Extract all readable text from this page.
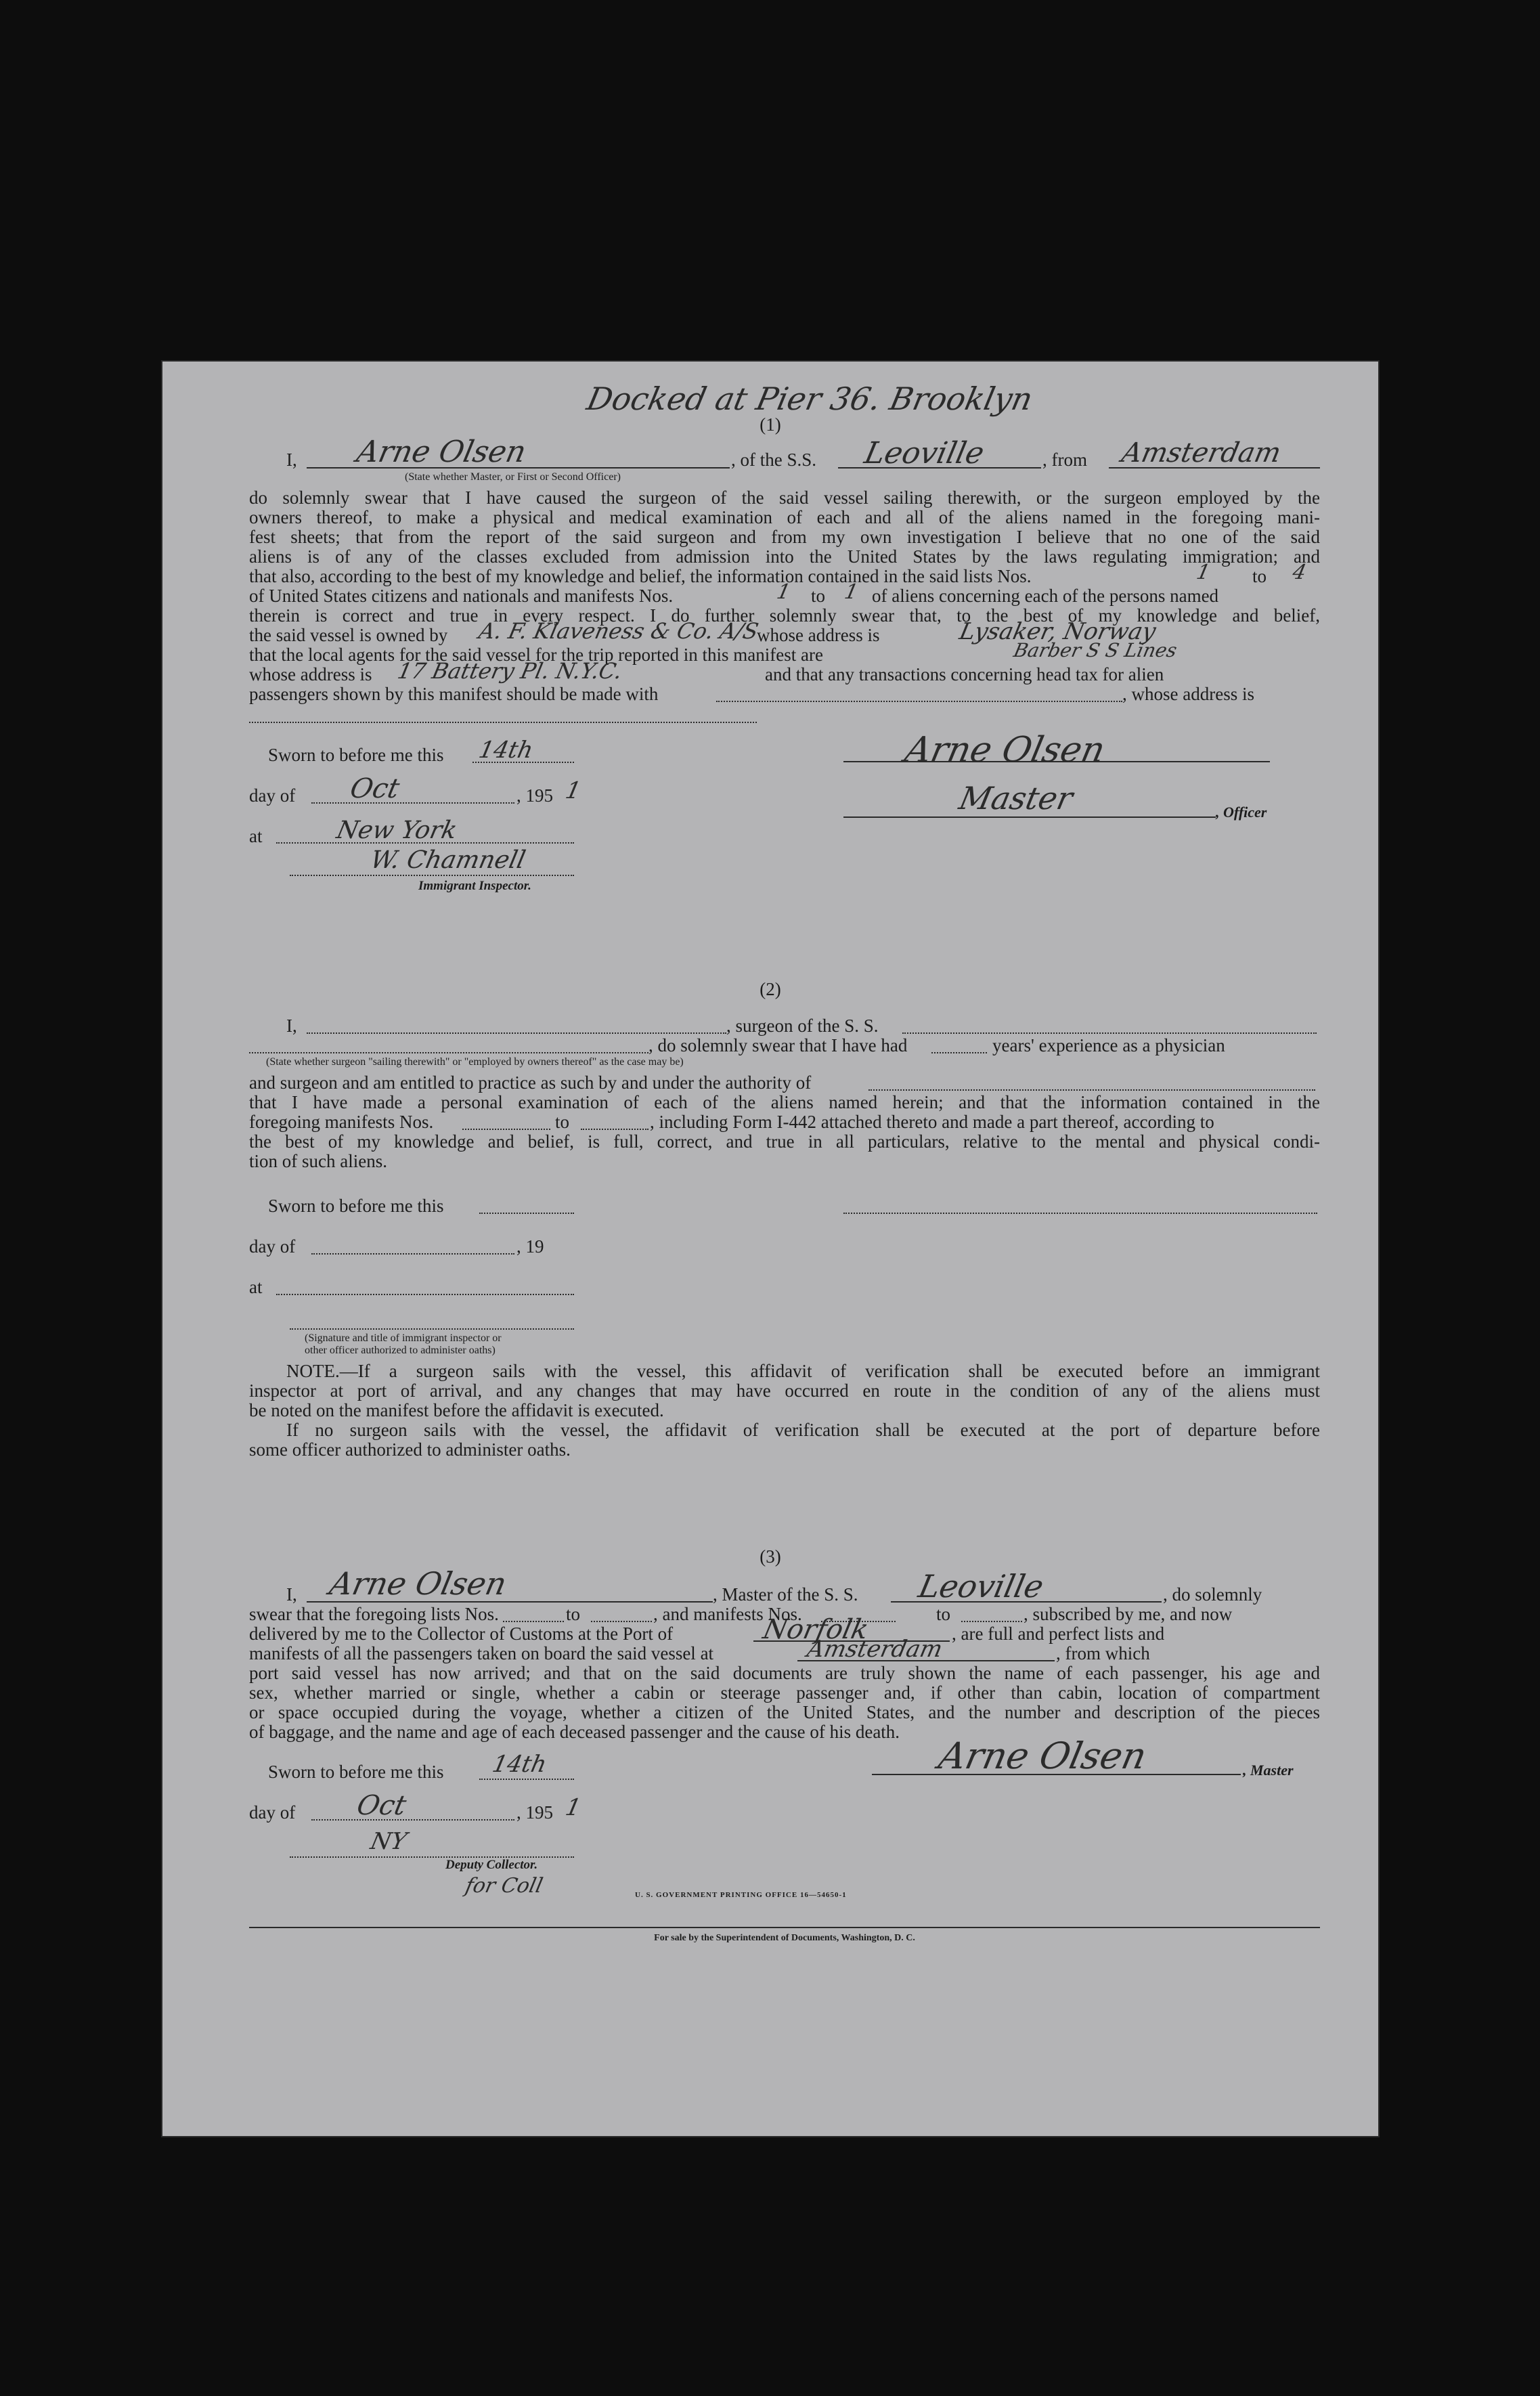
Docked at Pier 36. Brooklyn
(1)
I, Arne Olsen	, of the S.S. Leoville	, from Amsterdam
(State whether Master, or First or Second Officer)
do solemnly swear that I have caused the surgeon of the said vessel sailing therewith, or the surgeon employed by the
owners thereof, to make a physical and medical examination of each and all of the aliens named in the foregoing mani-
fest sheets; that from the report of the said surgeon and from my own investigation I believe that no one of the said
aliens is of any of the classes excluded from admission into the United States by the laws regulating immigration; and
that also, according to the best of my knowledge and belief, the information contained in the said lists Nos.	1 to 4
of United States citizens and nationals and manifests Nos.	1 to 1 of aliens concerning each of the persons named
therein is correct and true in every respect. I do further solemnly swear that, to the best of my knowledge and belief,
the said vessel is owned by A. F. Klaveness & Co. A/S
whose address is	Lysaker, Norway
that the local agents for the said vessel for the trip reported in this manifest are	Barber S S Lines
whose address is 17 Battery Pl. N.Y.C.	and that any transactions concerning head tax for alien
passengers shown by this manifest should be made with	, whose address is
Sworn to before me this 14th
day of Oct	, 195 1
at	New York
W. Chamnell
Immigrant Inspector.
Arne Olsen
Master	, Officer
(2)
I,	, surgeon of the S. S.
, do solemnly swear that I have had	years' experience as a physician
(State whether surgeon "sailing therewith" or "employed by owners thereof" as the case may be)
and surgeon and am entitled to practice as such by and under the authority of
that I have made a personal examination of each of the aliens named herein; and that the information contained in the
foregoing manifests Nos.	to	, including Form I-442 attached thereto and made a part thereof, according to
the best of my knowledge and belief, is full, correct, and true in all particulars, relative to the mental and physical condi-
tion of such aliens.
Sworn to before me this
day of	, 19
at
(Signature and title of immigrant inspector or
other officer authorized to administer oaths)
NOTE.—If a surgeon sails with the vessel, this affidavit of verification shall be executed before an immigrant
inspector at port of arrival, and any changes that may have occurred en route in the condition of any of the aliens must
be noted on the manifest before the affidavit is executed.
If no surgeon sails with the vessel, the affidavit of verification shall be executed at the port of departure before
some officer authorized to administer oaths.
(3)
I, Arne Olsen	, Master of the S. S. Leoville	, do solemnly
swear that the foregoing lists Nos.	to	, and manifests Nos.	to	, subscribed by me, and now
delivered by me to the Collector of Customs at the Port of	Norfolk	, are full and perfect lists and
manifests of all the passengers taken on board the said vessel at	Amsterdam	, from which
port said vessel has now arrived; and that on the said documents are truly shown the name of each passenger, his age and
sex, whether married or single, whether a cabin or steerage passenger and, if other than cabin, location of compartment
or space occupied during the voyage, whether a citizen of the United States, and the number and description of the pieces
of baggage, and the name and age of each deceased passenger and the cause of his death.
Sworn to before me this 14th
day of Oct	, 195 1
NY
Deputy Collector.
for Coll	U. S. GOVERNMENT PRINTING OFFICE 16—54650-1
Arne Olsen	, Master
For sale by the Superintendent of Documents, Washington, D. C.
